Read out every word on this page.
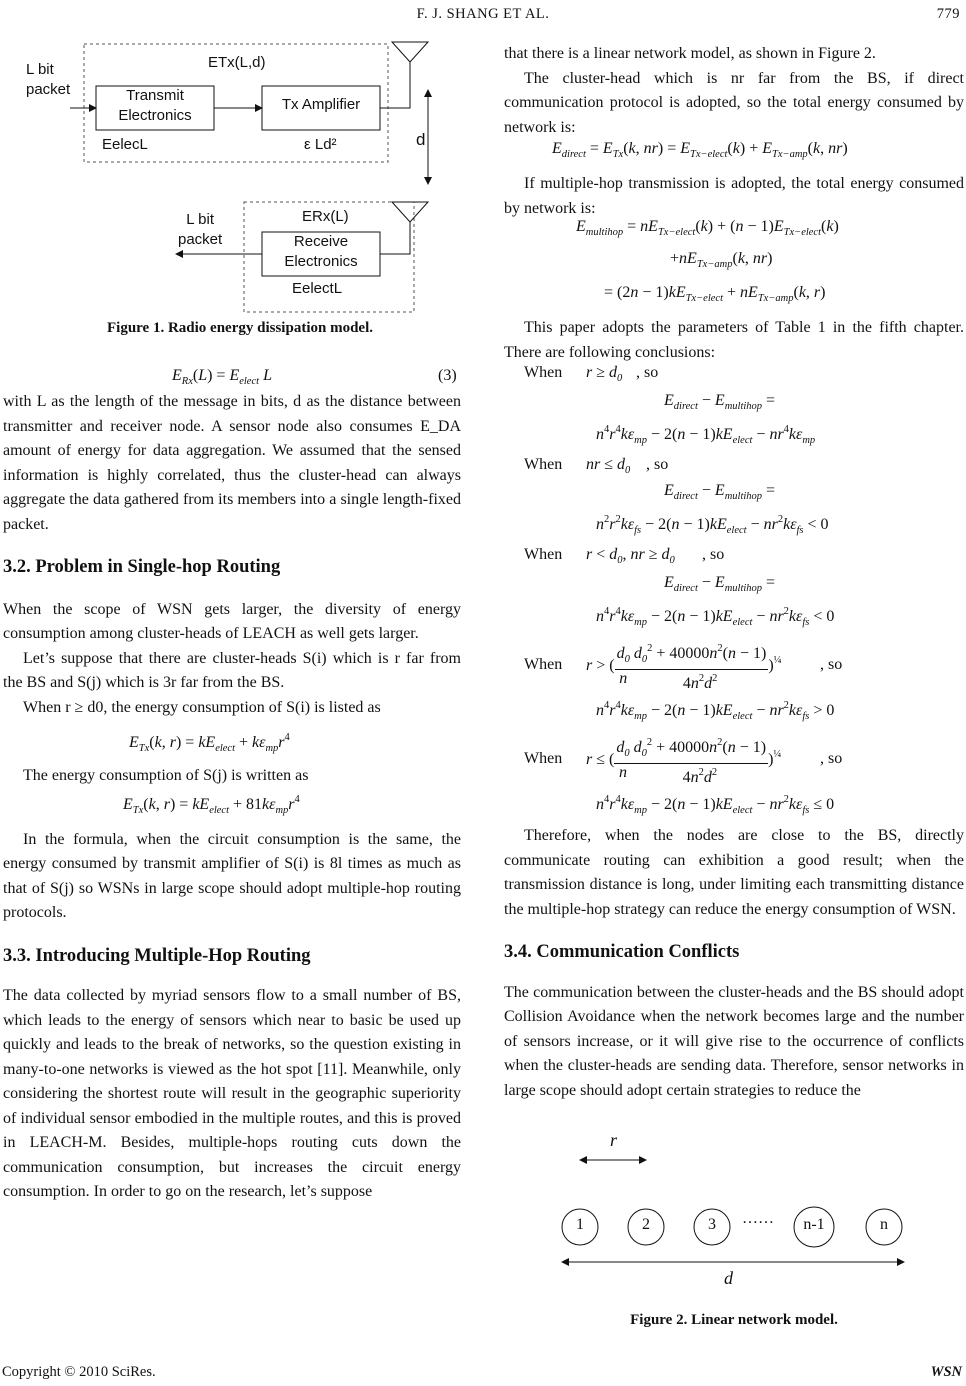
F. J. SHANG ET AL.	779
L bit
packet
ETx(L,d)
Transmit
Electronics
Tx Amplifier
EelecL	ε Ld²	d
L bit
packet
ERx(L)
Receive
Electronics
EelectL
Figure 1. Radio energy dissipation model.
$E_{Rx}(L) = E_{elect}$ L	(3)

with L as the length of the message in bits, d as the distance between transmitter and receiver node. A sensor node also consumes E_DA amount of energy for data aggregation. We assumed that the sensed information is highly correlated, thus the cluster-head can always aggregate the data gathered from its members into a single length-fixed packet.

3.2. Problem in Single-hop Routing

When the scope of WSN gets larger, the diversity of energy consumption among cluster-heads of LEACH as well gets larger.

Let’s suppose that there are cluster-heads S(i) which is r far from the BS and S(j) which is 3r far from the BS.

When r ≥ d0, the energy consumption of S(i) is listed as

$E_{Tx}(k$, $r) = kE_{elect} + k\varepsilon_{mp}r^4$

The energy consumption of S(j) is written as

$E_{Tx}(k$, $r) = kE_{elect} + 81k\varepsilon_{mp}r^4$

In the formula, when the circuit consumption is the same, the energy consumed by transmit amplifier of S(i) is 8l times as much as that of S(j) so WSNs in large scope should adopt multiple-hop routing protocols.

3.3. Introducing Multiple-Hop Routing

The data collected by myriad sensors flow to a small number of BS, which leads to the energy of sensors which near to basic be used up quickly and leads to the break of networks, so the question existing in many-to-one networks is viewed as the hot spot [11]. Meanwhile, only considering the shortest route will result in the geographic superiority of individual sensor embodied in the multiple routes, and this is proved in LEACH-M. Besides, multiple-hops routing cuts down the communication consumption, but increases the circuit energy consumption. In order to go on the research, let’s suppose

that there is a linear network model, as shown in Figure 2.

The cluster-head which is nr far from the BS, if direct communication protocol is adopted, so the total energy consumed by network is:

$E_{direct} = E_{Tx}(k$, $nr) = E_{Tx-elect}(k) + E_{Tx-amp}(k$, nr)

If multiple-hop transmission is adopted, the total energy consumed by network is:

$E_{multihop} = nE_{Tx-elect}(k) + (n - 1)E_{Tx-elect}(k)$
$+nE_{Tx-amp}(k$, nr)
= $(2n - 1)kE_{Tx-elect} + nE_{Tx-amp}(k$, r)

This paper adopts the parameters of Table 1 in the fifth chapter. There are following conclusions:

When $r \ge d_0$ , so
$E_{direct} - E_{multihop}$ =
$n^4r^4k\varepsilon_{mp} - 2(n - 1)kE_{elect} - nr^4k\varepsilon_{mp}$
When nr ≤ $d_0$ , so
$E_{direct} - E_{multihop}$ =
$n^2r^2k\varepsilon_{fs} - 2(n - 1)kE_{elect} - nr^2k\varepsilon_{fs} < 0$
When $r < d_0$, nr ≥ $d_0$ , so
$E_{direct} - E_{multihop}$ =
$n^4r^4k\varepsilon_{mp} - 2(n - 1)kE_{elect} - nr^2k\varepsilon_{fs} < 0$
When r > ( $\frac{d_0}{n} \frac{d_0^2 + 40000n^2(n - 1)}{4n^2d^2} )^{\frac{1}{4}}$ , so
$n^4r^4k\varepsilon_{mp} - 2(n - 1)kE_{elect} - nr^2k\varepsilon_{fs} > 0$
When r ≤ ( $\frac{d_0}{n} \frac{d_0^2 + 40000n^2(n - 1)}{4n^2d^2} )^{\frac{1}{4}}$ , so
$n^4r^4k\varepsilon_{mp} - 2(n - 1)kE_{elect} - nr^2k\varepsilon_{fs} \le 0$

Therefore, when the nodes are close to the BS, directly communicate routing can exhibition a good result; when the transmission distance is long, under limiting each transmitting distance the multiple-hop strategy can reduce the energy consumption of WSN.

3.4. Communication Conflicts

The communication between the cluster-heads and the BS should adopt Collision Avoidance when the network becomes large and the number of sensors increase, or it will give rise to the occurrence of conflicts when the cluster-heads are sending data. Therefore, sensor networks in large scope should adopt certain strategies to reduce the

r
1	2	3	……	n-1	n
d
Figure 2. Linear network model.
Copyright © 2010 SciRes.	WSN
